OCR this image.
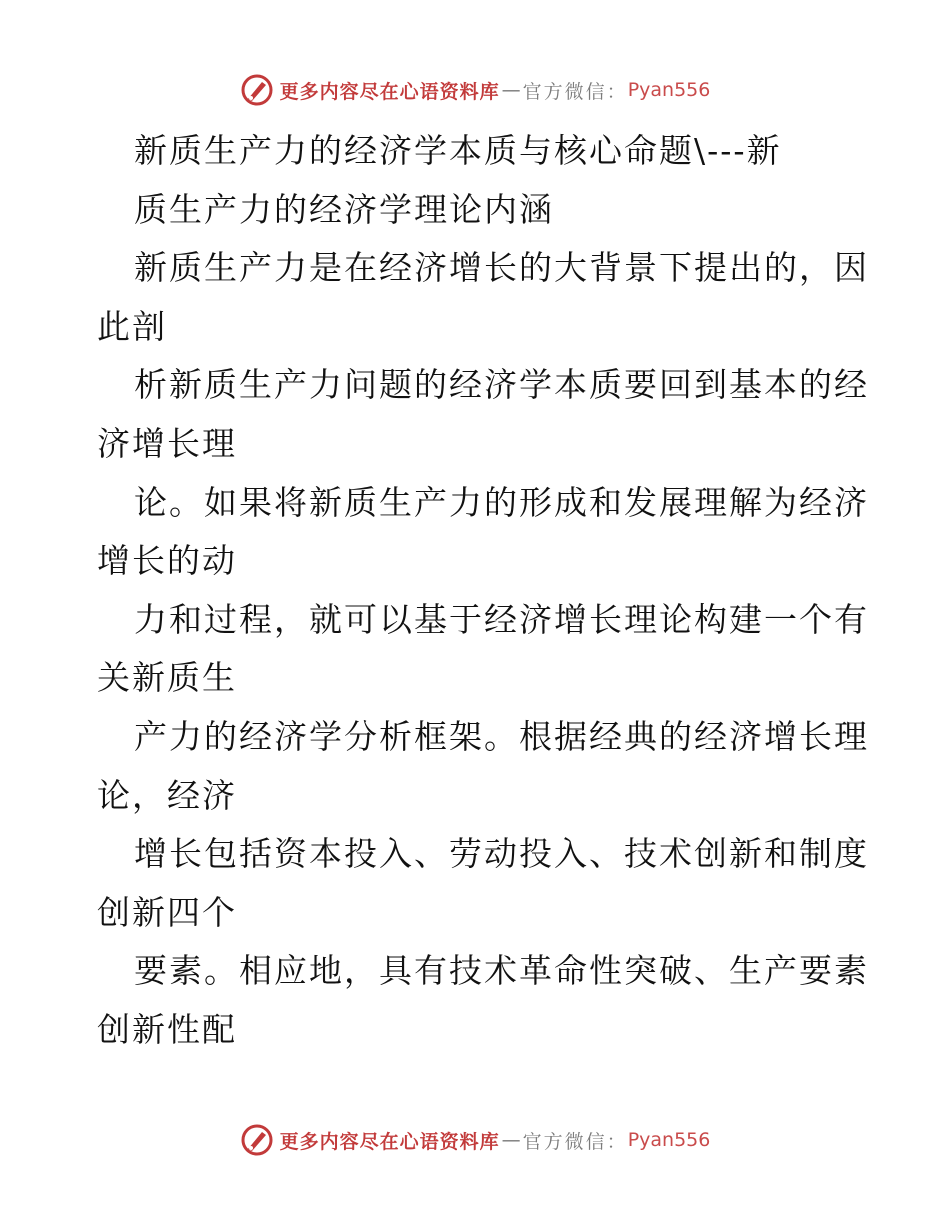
更多内容尽在心语资料库 — 官方微信： Pyan556
新质生产力的经济学本质与核心命题\---新
质生产力的经济学理论内涵
新质生产力是在经济增长的大背景下提出的，因
此剖
析新质生产力问题的经济学本质要回到基本的经
济增长理
论。如果将新质生产力的形成和发展理解为经济
增长的动
力和过程，就可以基于经济增长理论构建一个有
关新质生
产力的经济学分析框架。根据经典的经济增长理
论，经济
增长包括资本投入、劳动投入、技术创新和制度
创新四个
要素。相应地，具有技术革命性突破、生产要素
创新性配
更多内容尽在心语资料库 — 官方微信： Pyan556
